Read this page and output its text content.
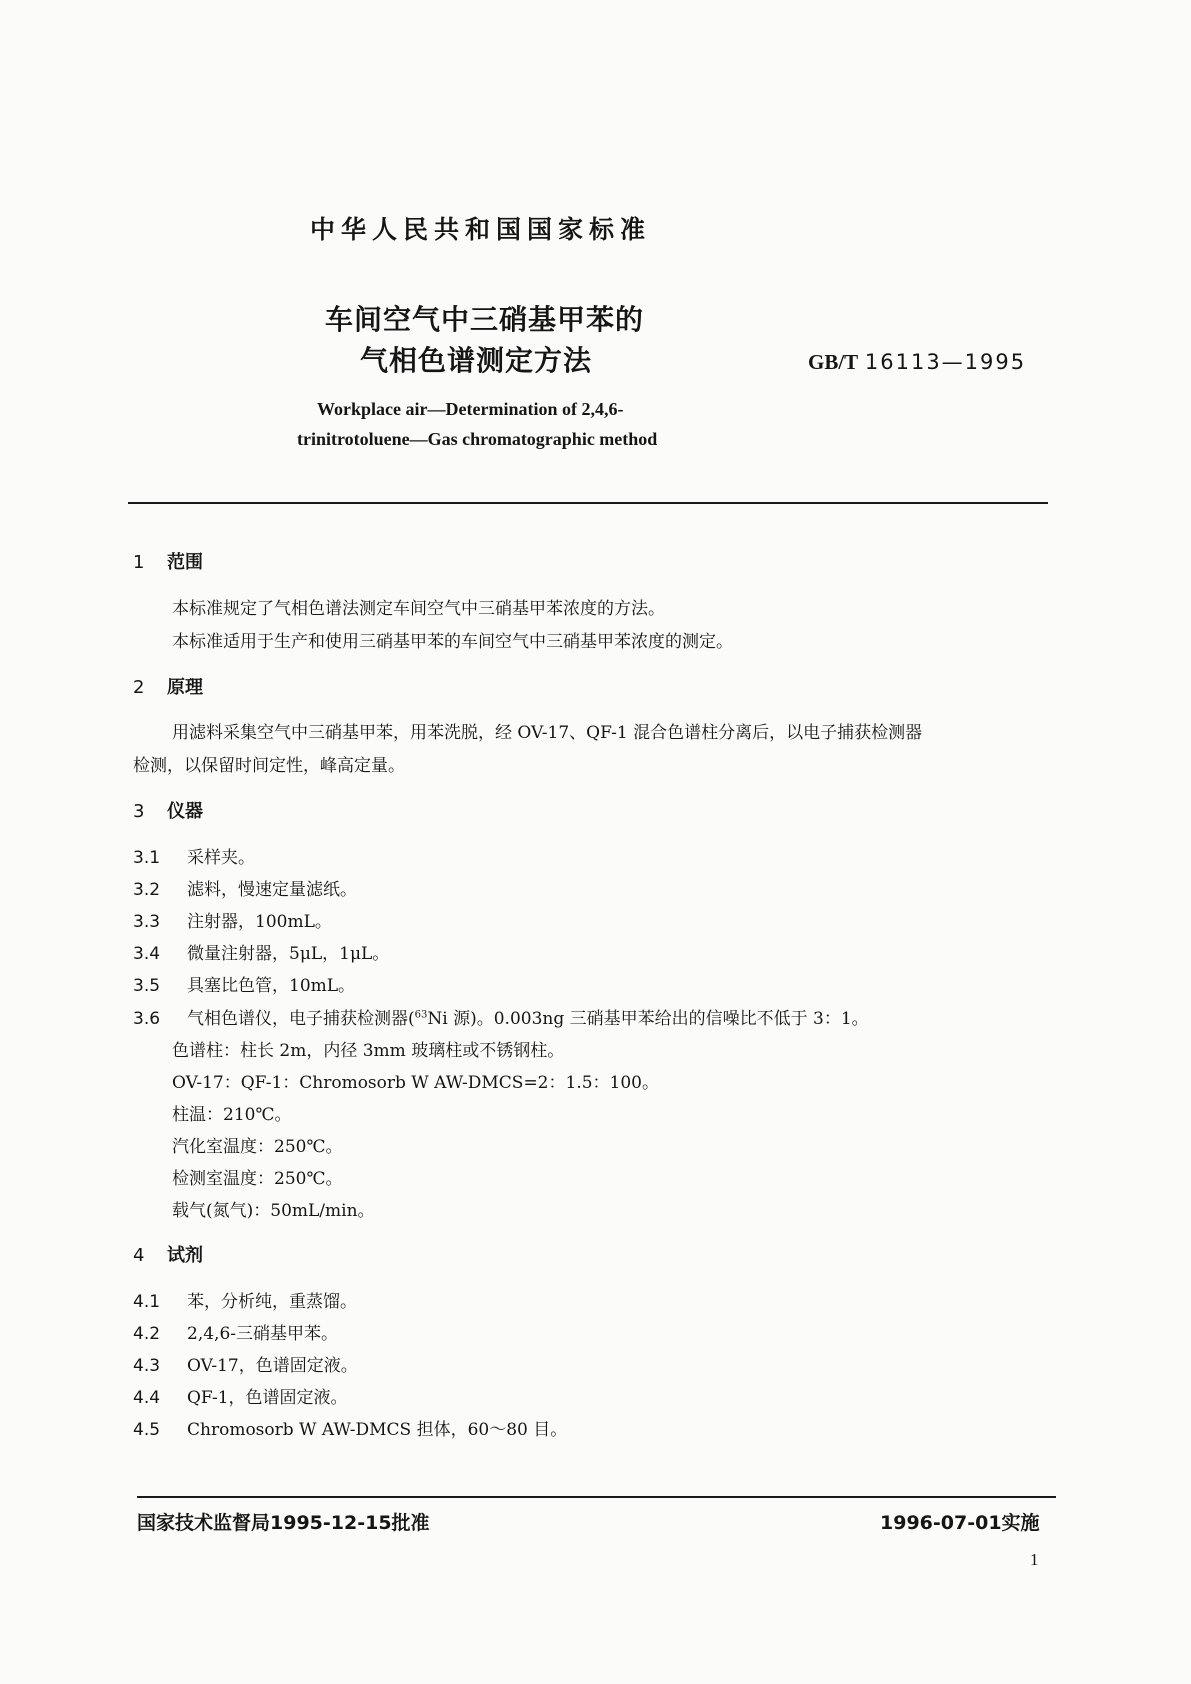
中华人民共和国国家标准
车间空气中三硝基甲苯的
气相色谱测定方法	GB/T 16113—1995
Workplace air—Determination of 2,4,6-
trinitrotoluene—Gas chromatographic method
1 范围
本标准规定了气相色谱法测定车间空气中三硝基甲苯浓度的方法。
本标准适用于生产和使用三硝基甲苯的车间空气中三硝基甲苯浓度的测定。
2 原理
用滤料采集空气中三硝基甲苯，用苯洗脱，经 OV-17、QF-1 混合色谱柱分离后，以电子捕获检测器
检测，以保留时间定性，峰高定量。
3 仪器
3.1 采样夹。
3.2 滤料，慢速定量滤纸。
3.3 注射器，100mL。
3.4 微量注射器，5μL，1μL。
3.5 具塞比色管，10mL。
3.6 气相色谱仪，电子捕获检测器($^{63}$Ni 源)。0.003ng 三硝基甲苯给出的信噪比不低于 3：1。
色谱柱：柱长 2m，内径 3mm 玻璃柱或不锈钢柱。
OV-17：QF-1：Chromosorb W AW-DMCS=2：1.5：100。
柱温：210℃。
汽化室温度：250℃。
检测室温度：250℃。
载气(氮气)：50mL/min。
4 试剂
4.1 苯，分析纯，重蒸馏。
4.2 2,4,6-三硝基甲苯。
4.3 OV-17，色谱固定液。
4.4 QF-1，色谱固定液。
4.5 Chromosorb W AW-DMCS 担体，60～80 目。
国家技术监督局1995-12-15批准	1996-07-01实施
1
